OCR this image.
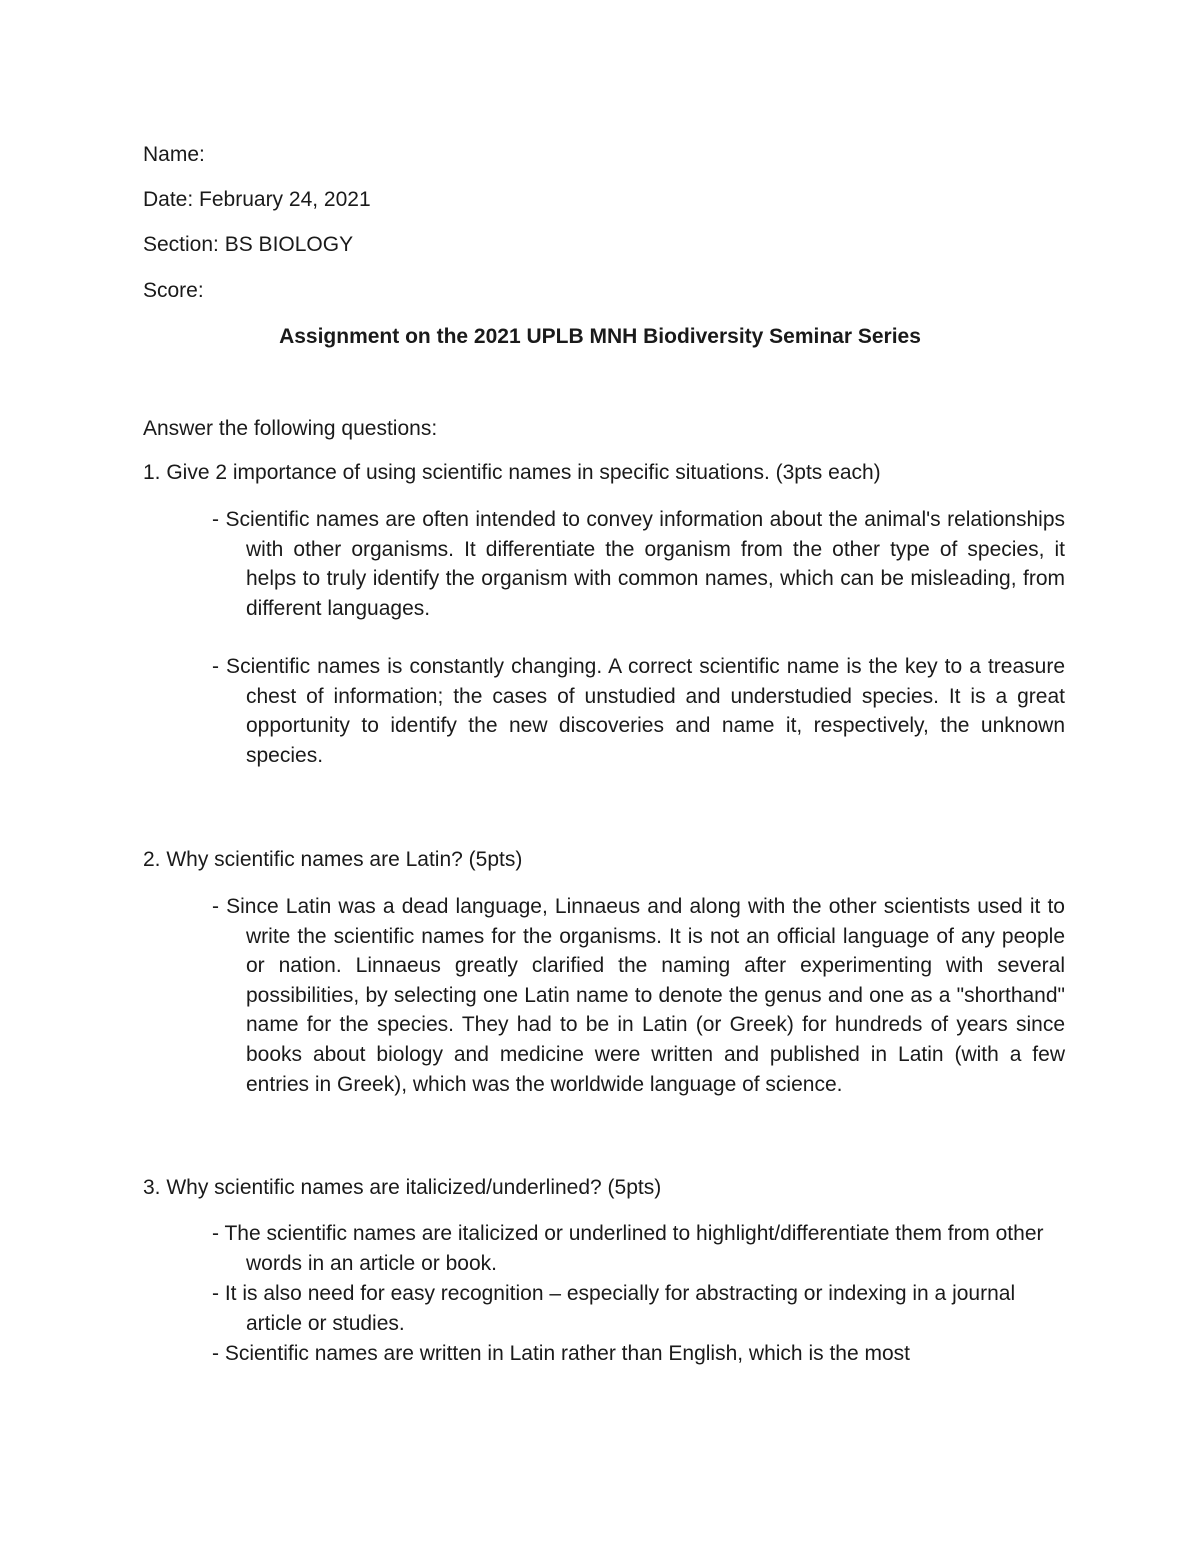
Name:
Date: February 24, 2021
Section: BS BIOLOGY
Score:
Assignment on the 2021 UPLB MNH Biodiversity Seminar Series
Answer the following questions:
1. Give 2 importance of using scientific names in specific situations. (3pts each)
- Scientific names are often intended to convey information about the animal's relationships with other organisms. It differentiate the organism from the other type of species, it helps to truly identify the organism with common names, which can be misleading, from different languages.
- Scientific names is constantly changing. A correct scientific name is the key to a treasure chest of information; the cases of unstudied and understudied species. It is a great opportunity to identify the new discoveries and name it, respectively, the unknown species.
2. Why scientific names are Latin? (5pts)
- Since Latin was a dead language, Linnaeus and along with the other scientists used it to write the scientific names for the organisms. It is not an official language of any people or nation. Linnaeus greatly clarified the naming after experimenting with several possibilities, by selecting one Latin name to denote the genus and one as a "shorthand" name for the species. They had to be in Latin (or Greek) for hundreds of years since books about biology and medicine were written and published in Latin (with a few entries in Greek), which was the worldwide language of science.
3. Why scientific names are italicized/underlined? (5pts)
- The scientific names are italicized or underlined to highlight/differentiate them from other words in an article or book.
- It is also need for easy recognition – especially for abstracting or indexing in a journal article or studies.
- Scientific names are written in Latin rather than English, which is the most
